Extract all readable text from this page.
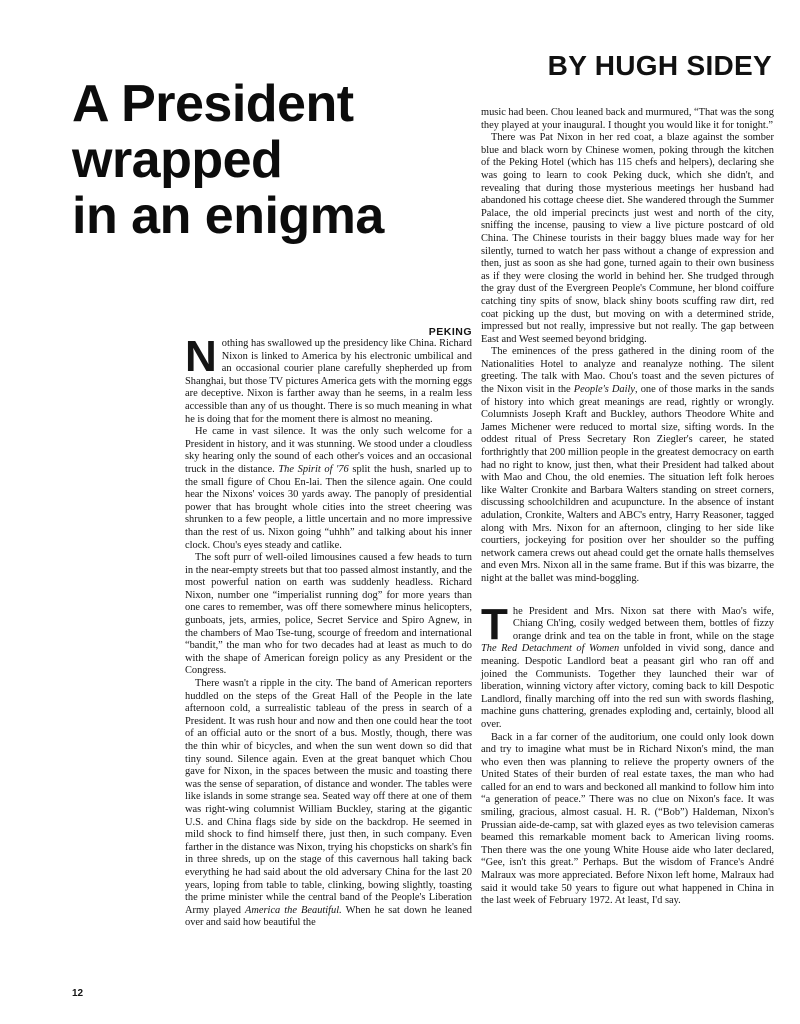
BY HUGH SIDEY
A President
wrapped
in an enigma

PEKING

Nothing has swallowed up the presidency like China. Richard Nixon is linked to America by his electronic umbilical and an occasional courier plane carefully shepherded up from Shanghai, but those TV pictures America gets with the morning eggs are deceptive. Nixon is farther away than he seems, in a realm less accessible than any of us thought. There is so much meaning in what he is doing that for the moment there is almost no meaning.

He came in vast silence. It was the only such welcome for a President in history, and it was stunning. We stood under a cloudless sky hearing only the sound of each other's voices and an occasional truck in the distance. The Spirit of '76 split the hush, snarled up to the small figure of Chou En-lai. Then the silence again. One could hear the Nixons' voices 30 yards away. The panoply of presidential power that has brought whole cities into the street cheering was shrunken to a few people, a little uncertain and no more impressive than the rest of us. Nixon going “uhhh” and talking about his inner clock. Chou's eyes steady and catlike.

The soft purr of well-oiled limousines caused a few heads to turn in the near-empty streets but that too passed almost instantly, and the most powerful nation on earth was suddenly headless. Richard Nixon, number one “imperialist running dog” for more years than one cares to remember, was off there somewhere minus helicopters, gunboats, jets, armies, police, Secret Service and Spiro Agnew, in the chambers of Mao Tse-tung, scourge of freedom and international “bandit,” the man who for two decades had at least as much to do with the shape of American foreign policy as any President or the Congress.

There wasn't a ripple in the city. The band of American reporters huddled on the steps of the Great Hall of the People in the late afternoon cold, a surrealistic tableau of the press in search of a President. It was rush hour and now and then one could hear the toot of an official auto or the snort of a bus. Mostly, though, there was the thin whir of bicycles, and when the sun went down so did that tiny sound. Silence again. Even at the great banquet which Chou gave for Nixon, in the spaces between the music and toasting there was the sense of separation, of distance and wonder. The tables were like islands in some strange sea. Seated way off there at one of them was right-wing columnist William Buckley, staring at the gigantic U.S. and China flags side by side on the backdrop. He seemed in mild shock to find himself there, just then, in such company. Even farther in the distance was Nixon, trying his chopsticks on shark's fin in three shreds, up on the stage of this cavernous hall taking back everything he had said about the old adversary China for the last 20 years, loping from table to table, clinking, bowing slightly, toasting the prime minister while the central band of the People's Liberation Army played America the Beautiful. When he sat down he leaned over and said how beautiful the

music had been. Chou leaned back and murmured, “That was the song they played at your inaugural. I thought you would like it for tonight.”

There was Pat Nixon in her red coat, a blaze against the somber blue and black worn by Chinese women, poking through the kitchen of the Peking Hotel (which has 115 chefs and helpers), declaring she was going to learn to cook Peking duck, which she didn't, and revealing that during those mysterious meetings her husband had abandoned his cottage cheese diet. She wandered through the Summer Palace, the old imperial precincts just west and north of the city, sniffing the incense, pausing to view a live picture postcard of old China. The Chinese tourists in their baggy blues made way for her silently, turned to watch her pass without a change of expression and then, just as soon as she had gone, turned again to their own business as if they were closing the world in behind her. She trudged through the gray dust of the Evergreen People's Commune, her blond coiffure catching tiny spits of snow, black shiny boots scuffing raw dirt, red coat picking up the dust, but moving on with a determined stride, impressed but not really, impressive but not really. The gap between East and West seemed beyond bridging.

The eminences of the press gathered in the dining room of the Nationalities Hotel to analyze and reanalyze nothing. The silent greeting. The talk with Mao. Chou's toast and the seven pictures of the Nixon visit in the People's Daily, one of those marks in the sands of history into which great meanings are read, rightly or wrongly. Columnists Joseph Kraft and Buckley, authors Theodore White and James Michener were reduced to mortal size, sifting words. In the oddest ritual of Press Secretary Ron Ziegler's career, he stated forthrightly that 200 million people in the greatest democracy on earth had no right to know, just then, what their President had talked about with Mao and Chou, the old enemies. The situation left folk heroes like Walter Cronkite and Barbara Walters standing on street corners, discussing schoolchildren and acupuncture. In the absence of instant adulation, Cronkite, Walters and ABC's entry, Harry Reasoner, tagged along with Mrs. Nixon for an afternoon, clinging to her side like courtiers, jockeying for position over her shoulder so the puffing network camera crews out ahead could get the ornate halls themselves and even Mrs. Nixon all in the same frame. But if this was bizarre, the night at the ballet was mind-boggling.

The President and Mrs. Nixon sat there with Mao's wife, Chiang Ch'ing, cosily wedged between them, bottles of fizzy orange drink and tea on the table in front, while on the stage The Red Detachment of Women unfolded in vivid song, dance and meaning. Despotic Landlord beat a peasant girl who ran off and joined the Communists. Together they launched their war of liberation, winning victory after victory, coming back to kill Despotic Landlord, finally marching off into the red sun with swords flashing, machine guns chattering, grenades exploding and, certainly, blood all over.

Back in a far corner of the auditorium, one could only look down and try to imagine what must be in Richard Nixon's mind, the man who even then was planning to relieve the property owners of the United States of their burden of real estate taxes, the man who had called for an end to wars and beckoned all mankind to follow him into “a generation of peace.” There was no clue on Nixon's face. It was smiling, gracious, almost casual. H. R. (“Bob”) Haldeman, Nixon's Prussian aide-de-camp, sat with glazed eyes as two television cameras beamed this remarkable moment back to American living rooms. Then there was the one young White House aide who later declared, “Gee, isn't this great.” Perhaps. But the wisdom of France's André Malraux was more appreciated. Before Nixon left home, Malraux had said it would take 50 years to figure out what happened in China in the last week of February 1972. At least, I'd say.

12
